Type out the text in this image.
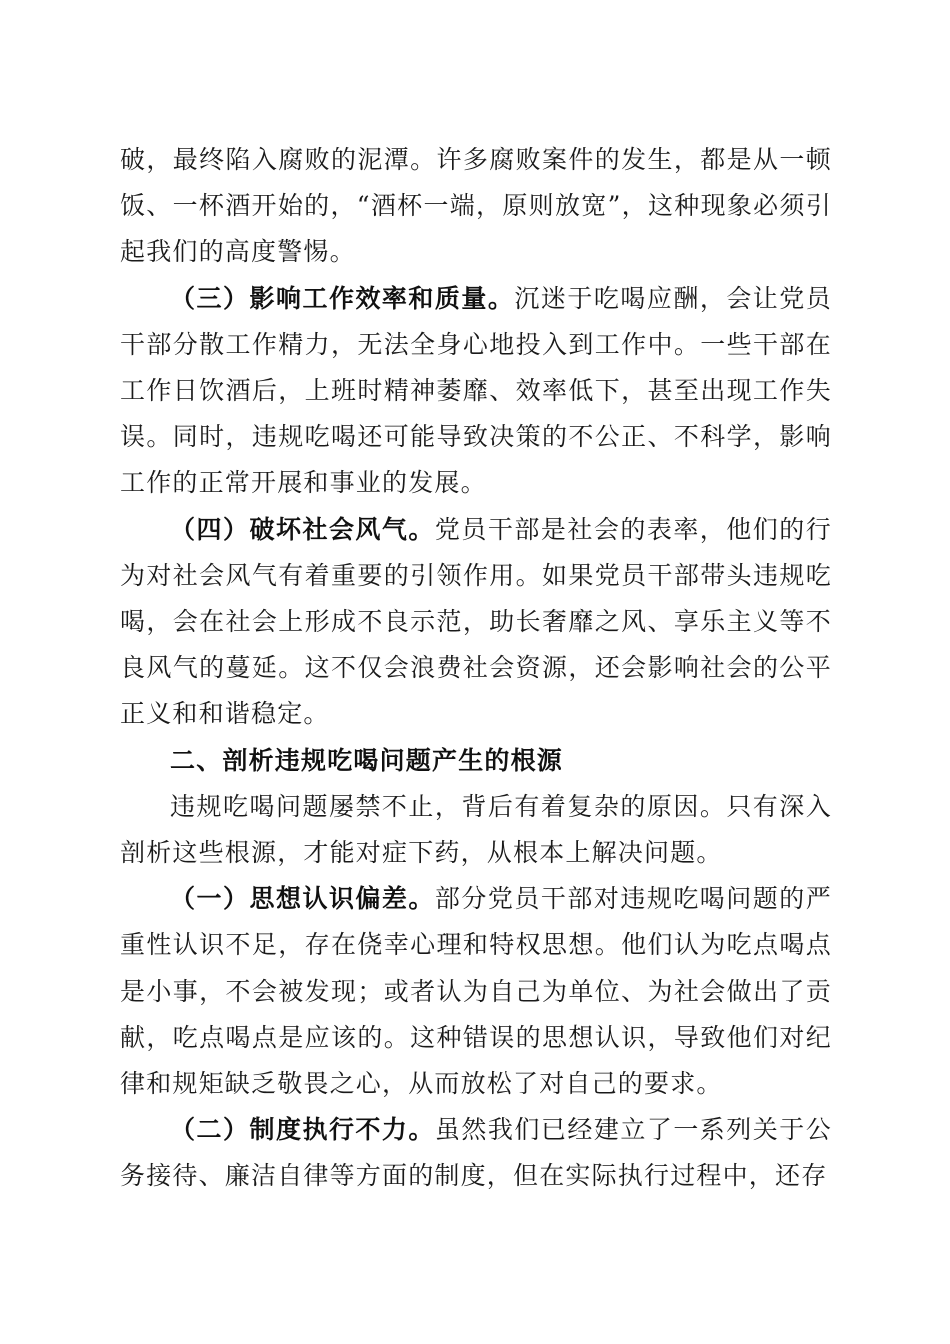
破，最终陷入腐败的泥潭。许多腐败案件的发生，都是从一顿饭、一杯酒开始的，“酒杯一端，原则放宽”，这种现象必须引起我们的高度警惕。

（三）影响工作效率和质量。沉迷于吃喝应酬，会让党员干部分散工作精力，无法全身心地投入到工作中。一些干部在工作日饮酒后，上班时精神萎靡、效率低下，甚至出现工作失误。同时，违规吃喝还可能导致决策的不公正、不科学，影响工作的正常开展和事业的发展。

（四）破坏社会风气。党员干部是社会的表率，他们的行为对社会风气有着重要的引领作用。如果党员干部带头违规吃喝，会在社会上形成不良示范，助长奢靡之风、享乐主义等不良风气的蔓延。这不仅会浪费社会资源，还会影响社会的公平正义和和谐稳定。

二、剖析违规吃喝问题产生的根源

违规吃喝问题屡禁不止，背后有着复杂的原因。只有深入剖析这些根源，才能对症下药，从根本上解决问题。

（一）思想认识偏差。部分党员干部对违规吃喝问题的严重性认识不足，存在侥幸心理和特权思想。他们认为吃点喝点是小事，不会被发现；或者认为自己为单位、为社会做出了贡献，吃点喝点是应该的。这种错误的思想认识，导致他们对纪律和规矩缺乏敬畏之心，从而放松了对自己的要求。

（二）制度执行不力。虽然我们已经建立了一系列关于公务接待、廉洁自律等方面的制度，但在实际执行过程中，还存
